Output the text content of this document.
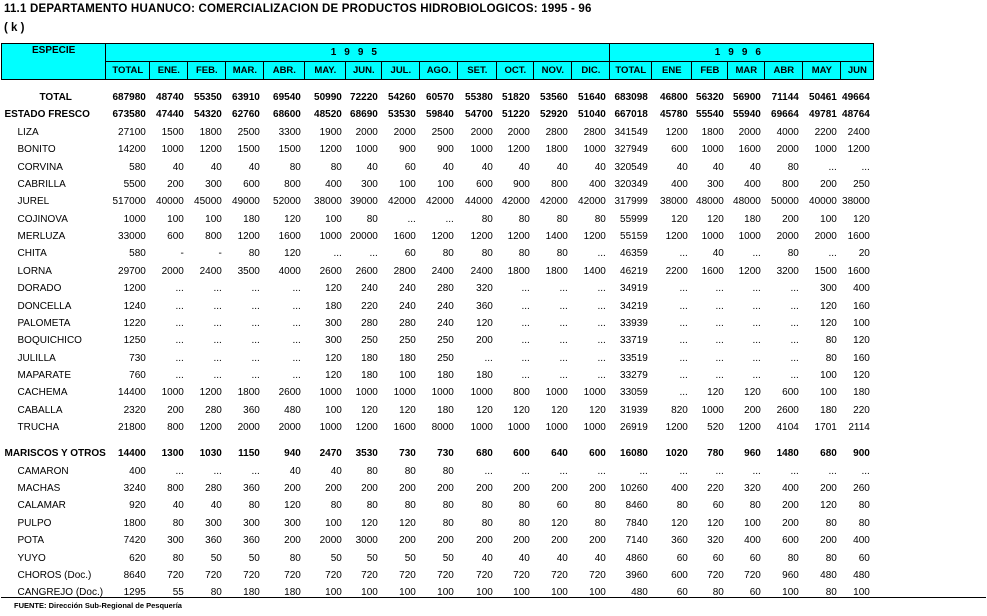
11.1 DEPARTAMENTO HUANUCO: COMERCIALIZACION DE PRODUCTOS HIDROBIOLOGICOS: 1995 - 96
( k )
ESPECIE	1995													1996						
	TOTAL	ENE.	FEB.	MAR.	ABR.	MAY.	JUN.	JUL.	AGO.	SET.	OCT.	NOV.	DIC.	TOTAL	ENE	FEB	MAR	ABR	MAY	JUN

TOTAL	687980	48740	55350	63910	69540	50990	72220	54260	60570	55380	51820	53560	51640	683098	46800	56320	56900	71144	50461	49664
ESTADO FRESCO	673580	47440	54320	62760	68600	48520	68690	53530	59840	54700	51220	52920	51040	667018	45780	55540	55940	69664	49781	48764
LIZA	27100	1500	1800	2500	3300	1900	2000	2000	2500	2000	2000	2800	2800	341549	1200	1800	2000	4000	2200	2400
BONITO	14200	1000	1200	1500	1500	1200	1000	900	900	1000	1200	1800	1000	327949	600	1000	1600	2000	1000	1200
CORVINA	580	40	40	40	80	80	40	60	40	40	40	40	40	320549	40	40	40	80	...	...
CABRILLA	5500	200	300	600	800	400	300	100	100	600	900	800	400	320349	400	300	400	800	200	250
JUREL	517000	40000	45000	49000	52000	38000	39000	42000	42000	44000	42000	42000	42000	317999	38000	48000	48000	50000	40000	38000
COJINOVA	1000	100	100	180	120	100	80	...	...	80	80	80	80	55999	120	120	180	200	100	120
MERLUZA	33000	600	800	1200	1600	1000	20000	1600	1200	1200	1200	1400	1200	55159	1200	1000	1000	2000	2000	1600
CHITA	580	-	-	80	120	...	...	60	80	80	80	80	...	46359	...	40	...	80	...	20
LORNA	29700	2000	2400	3500	4000	2600	2600	2800	2400	2400	1800	1800	1400	46219	2200	1600	1200	3200	1500	1600
DORADO	1200	...	...	...	...	120	240	240	280	320	...	...	...	34919	...	...	...	...	300	400
DONCELLA	1240	...	...	...	...	180	220	240	240	360	...	...	...	34219	...	...	...	...	120	160
PALOMETA	1220	...	...	...	...	300	280	280	240	120	...	...	...	33939	...	...	...	...	120	100
BOQUICHICO	1250	...	...	...	...	300	250	250	250	200	...	...	...	33719	...	...	...	...	80	120
JULILLA	730	...	...	...	...	120	180	180	250	...	...	...	...	33519	...	...	...	...	80	160
MAPARATE	760	...	...	...	...	120	180	100	180	180	...	...	...	33279	...	...	...	...	100	120
CACHEMA	14400	1000	1200	1800	2600	1000	1000	1000	1000	1000	800	1000	1000	33059	...	120	120	600	100	180
CABALLA	2320	200	280	360	480	100	120	120	180	120	120	120	120	31939	820	1000	200	2600	180	220
TRUCHA	21800	800	1200	2000	2000	1000	1200	1600	8000	1000	1000	1000	1000	26919	1200	520	1200	4104	1701	2114

MARISCOS Y OTROS	14400	1300	1030	1150	940	2470	3530	730	730	680	600	640	600	16080	1020	780	960	1480	680	900
CAMARON	400	...	...	...	40	40	80	80	80	...	...	...	...	...	...	...	...	...	...	...
MACHAS	3240	800	280	360	200	200	200	200	200	200	200	200	200	10260	400	220	320	400	200	260
CALAMAR	920	40	40	80	120	80	80	80	80	80	80	60	80	8460	80	60	80	200	120	80
PULPO	1800	80	300	300	300	100	120	120	80	80	80	120	80	7840	120	120	100	200	80	80
POTA	7420	300	360	360	200	2000	3000	200	200	200	200	200	200	7140	360	320	400	600	200	400
YUYO	620	80	50	50	80	50	50	50	50	40	40	40	40	4860	60	60	60	80	80	60
CHOROS (Doc.)	8640	720	720	720	720	720	720	720	720	720	720	720	720	3960	600	720	720	960	480	480
CANGREJO (Doc.)	1295	55	80	180	180	100	100	100	100	100	100	100	100	480	60	80	60	100	80	100
FUENTE: Dirección Sub-Regional de Pesquería
